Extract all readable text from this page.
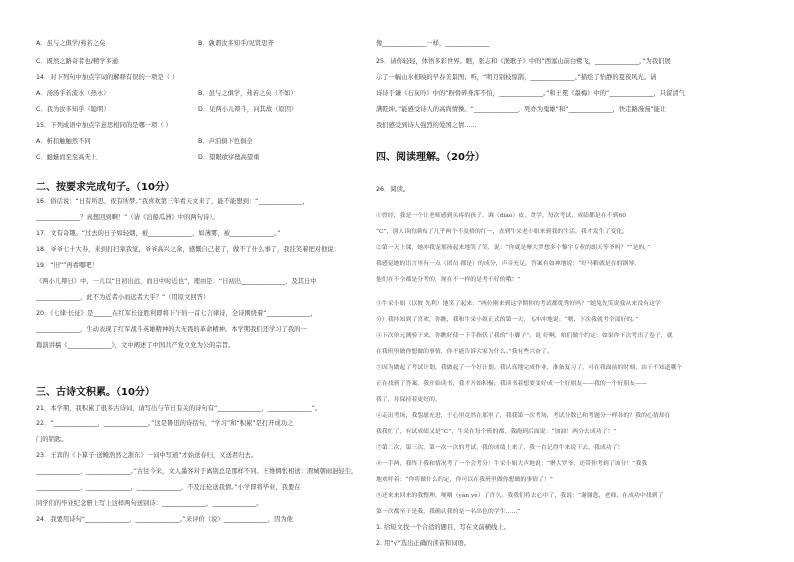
二、按要求完成句子。（10分）
三、古诗文积累。（10分）
A．虽与之俱学/弗若之矣	B．孰谓汝多知乎/见贤思齐
C．既然之路奇者也/精学多通
14．对下列句中加点字词的解释有误的一项是（ ）
A．汤汤乎若流水（热水）	B．虽与之俱学，弗若之矣（不如）
C．我为汝多知乎（聪明）	D．见两小儿辩斗，问其故（原因）
15．下列成语中加点字意思相同的是哪一项（ ）
A．析扣触触然不同	B．声泪俱下色俱全
C．蜓蜒而至至高无上	D．望眼欲穿德高望重
16．俗话说：“日有所思，夜有所梦。”我喜欢第三年看天文来了，能不能想到：“______________，
______________？真想回到啊！”（请《泊船瓜洲》中的两句诗）。
17．文有奇趣。“过去的日子如轻烟，被______________，如薄雾，被______________。”
18．爷爷七十大寿，来到打扫家我觉，爷爷高兴之余，感慨自己老了，做不了什么事了，我挂笑着把对他说：
19．“旧””再看哪吧！
《两小儿辩日》中，一儿以“日初出远，而日中时近也”，理由是：“日初出______________，及其日中
______________，此不为近者小而远者大乎？”（用原文回答）
20．《七律·长征》是______在红军长征胜利即将下午的一首七言律诗，全诗围绕着“______________，
______________，生动表现了红军战斗英雄精神的大无畏的革命精神。本学期我们还学习了我的一
篇演讲稿《______________》，文中阐述了中国共产党立党为公的宗旨。
21．本学期，我积累了很多古诗词，请写出与节日有关的诗句有“______________，______________”。
22．“______________，______________。”这是鲁迅的诗括句，“学习”和“积累”是打开成功之
门的钥匙。
23．王宾的《卜算子·送鲍浩然之浙东》一词中写道“才始送春归，又送君归去。
______________，______________。”古往今来，文人墨客对于离别总是那样不同。王维惆怅相送：渭城朝雨浥轻尘，
______________，______________，______________，不及汪伦送我情。”小学即将毕业，我要在
同学们的毕业纪念册上写上这样两句送别诗：______________，______________。
24．我要用诗句“______________，______________。”来评价（说）______________，因为他
四、阅读理解。（20分）
像______________一样，______________
25．请你轻轻，体悟多彩世界。瞧，张志和《渔歌子》中的“西塞山前白鹭飞，______________。”为我们展
示了一幅山水相映的早春美景图；听，“明月别枝惊鹊，______________。”描绘了怡静的夏夜风光。请
诗诗于谦《石灰吟》中的“粉骨碎身浑不怕，______________。”和王冕《墨梅》中的“______________，只留清气
满乾坤。”能感受诗人的高尚情操。“______________，死亦为鬼雄”和“______________，快走路漫漫”能让
我们感受到诗人强烈的爱国之情……
26．阅读。
①曾经，我是一个让老师感到头疼的孩子，调（diào）皮、贪学、每次考试，成绩都是在不到60
“C”，别人读的满布了几乎两个不及格的红一，直到牛采老小姐来到我的生活。我才发生了变化。
②第一天上课，她冲我宠那扬起来地笑了笑，说：“你就是聚大罗想多个黎字专业的朗天等爷吗？”“是的。”
我感觉她的语言里有一点（团员 都是）的成分，声音充足。答案有如神地说：“好马粮就是在的钢琴，
他们在不全都是分考的，现在不一样的是考不好的哦！”
③牛采小姐（以彼 先利）地笑了起来：“两位刚来到这学期你的考试都优秀好吗？”她兔先笑说我从来没有这学
分）我挂知到了喜欢，你瞧，我和牛采小姐正式的第一天，飞冲冲地说：“嗯，下次我就考全部好的。”
④下次单元测验下来，你瞧好使一下手指伏了我的“小脚子”。说 好啊，咱们做个约定：如果你下次考出了卷子，就
在我班里做你想做的事情，你不能告诉大家为什么。”我有些兴奋了。
⑤因为做起了考试计划，我做起了一个好计划。我认真地完成作业，准备复习了，可在我面前的时刻，由于不知道哪个
正在找到了答案，我开始读书，我才开始积极。我读书着想要变好成一个好朋友——我的一个好朋友——
我了，并保持着更好的。
⑥走出考场，我怨愿充进，于心里竟然在那里了，我我第一次考场，考试分数已和考题分一样各的？我的心情却在
我我忙了，有试成绩又是“C”，牛采在每个班的都，我跑到后面说：“加油！两分去成功了！”
⑦第二次，第三次，第一次一次的考试，我的成绩上来了，我一直记得牛来说下去，我成功了！
⑧一手两，我终于我和情况考了一个会考分！牛采小姐大声地说：“聚大罗爷，还带你考到了该分！”我我
地欢呼着：“你将做什么约定，你可以在我班里做你想做的事情了！”
⑨还来来回来的我整理，哽咽（yàn yè）了许久。我我们将去心中了，我说：“谢谢您，老师，在成功中找到了
第一次都至于是我，我确认我的是一名出色的学生……”
1. 给短文找一个合适的题目，写在文前横线上。
2. 用“√”选出正确的读音和词语。
